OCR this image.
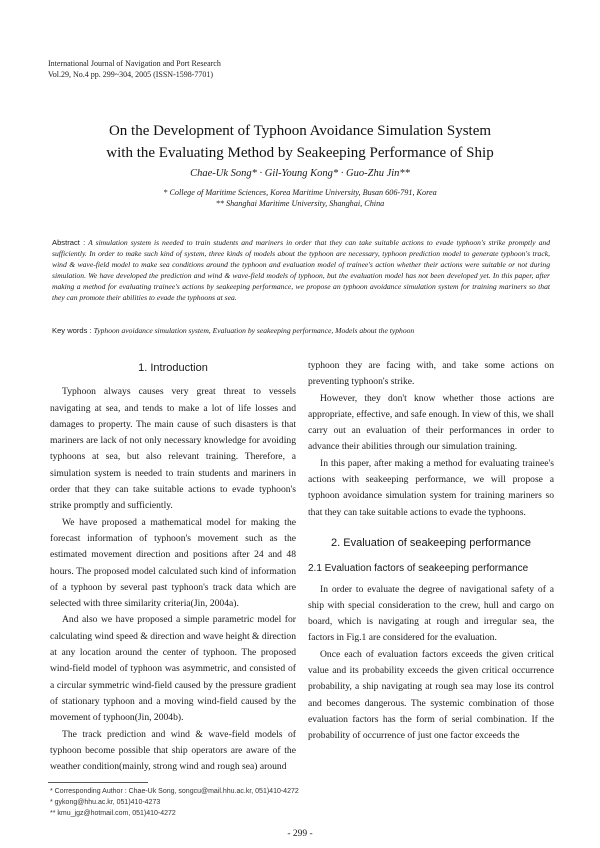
International Journal of Navigation and Port Research
Vol.29, No.4 pp. 299~304, 2005 (ISSN-1598-7701)
On the Development of Typhoon Avoidance Simulation System
with the Evaluating Method by Seakeeping Performance of Ship
Chae-Uk Song* · Gil-Young Kong* · Guo-Zhu Jin**
* College of Maritime Sciences, Korea Maritime University, Busan 606-791, Korea
** Shanghai Maritime University, Shanghai, China
Abstract : A simulation system is needed to train students and mariners in order that they can take suitable actions to evade typhoon's strike promptly and sufficiently. In order to make such kind of system, three kinds of models about the typhoon are necessary, typhoon prediction model to generate typhoon's track, wind & wave-field model to make sea conditions around the typhoon and evaluation model of trainee's action whether their actions were suitable or not during simulation. We have developed the prediction and wind & wave-field models of typhoon, but the evaluation model has not been developed yet. In this paper, after making a method for evaluating trainee's actions by seakeeping performance, we propose an typhoon avoidance simulation system for training mariners so that they can promote their abilities to evade the typhoons at sea.
Key words : Typhoon avoidance simulation system, Evaluation by seakeeping performance, Models about the typhoon
1. Introduction

Typhoon always causes very great threat to vessels navigating at sea, and tends to make a lot of life losses and damages to property. The main cause of such disasters is that mariners are lack of not only necessary knowledge for avoiding typhoons at sea, but also relevant training. Therefore, a simulation system is needed to train students and mariners in order that they can take suitable actions to evade typhoon's strike promptly and sufficiently.

We have proposed a mathematical model for making the forecast information of typhoon's movement such as the estimated movement direction and positions after 24 and 48 hours. The proposed model calculated such kind of information of a typhoon by several past typhoon's track data which are selected with three similarity criteria(Jin, 2004a).

And also we have proposed a simple parametric model for calculating wind speed & direction and wave height & direction at any location around the center of typhoon. The proposed wind-field model of typhoon was asymmetric, and consisted of a circular symmetric wind-field caused by the pressure gradient of stationary typhoon and a moving wind-field caused by the movement of typhoon(Jin, 2004b).

The track prediction and wind & wave-field models of typhoon become possible that ship operators are aware of the weather condition(mainly, strong wind and rough sea) around

typhoon they are facing with, and take some actions on preventing typhoon's strike.

However, they don't know whether those actions are appropriate, effective, and safe enough. In view of this, we shall carry out an evaluation of their performances in order to advance their abilities through our simulation training.

In this paper, after making a method for evaluating trainee's actions with seakeeping performance, we will propose a typhoon avoidance simulation system for training mariners so that they can take suitable actions to evade the typhoons.

2. Evaluation of seakeeping performance
2.1 Evaluation factors of seakeeping performance

In order to evaluate the degree of navigational safety of a ship with special consideration to the crew, hull and cargo on board, which is navigating at rough and irregular sea, the factors in Fig.1 are considered for the evaluation.

Once each of evaluation factors exceeds the given critical value and its probability exceeds the given critical occurrence probability, a ship navigating at rough sea may lose its control and becomes dangerous. The systemic combination of those evaluation factors has the form of serial combination. If the probability of occurrence of just one factor exceeds the

* Corresponding Author : Chae-Uk Song, songcu@mail.hhu.ac.kr, 051)410-4272
* gykong@hhu.ac.kr, 051)410-4273
** kmu_jgz@hotmail.com, 051)410-4272
- 299 -
